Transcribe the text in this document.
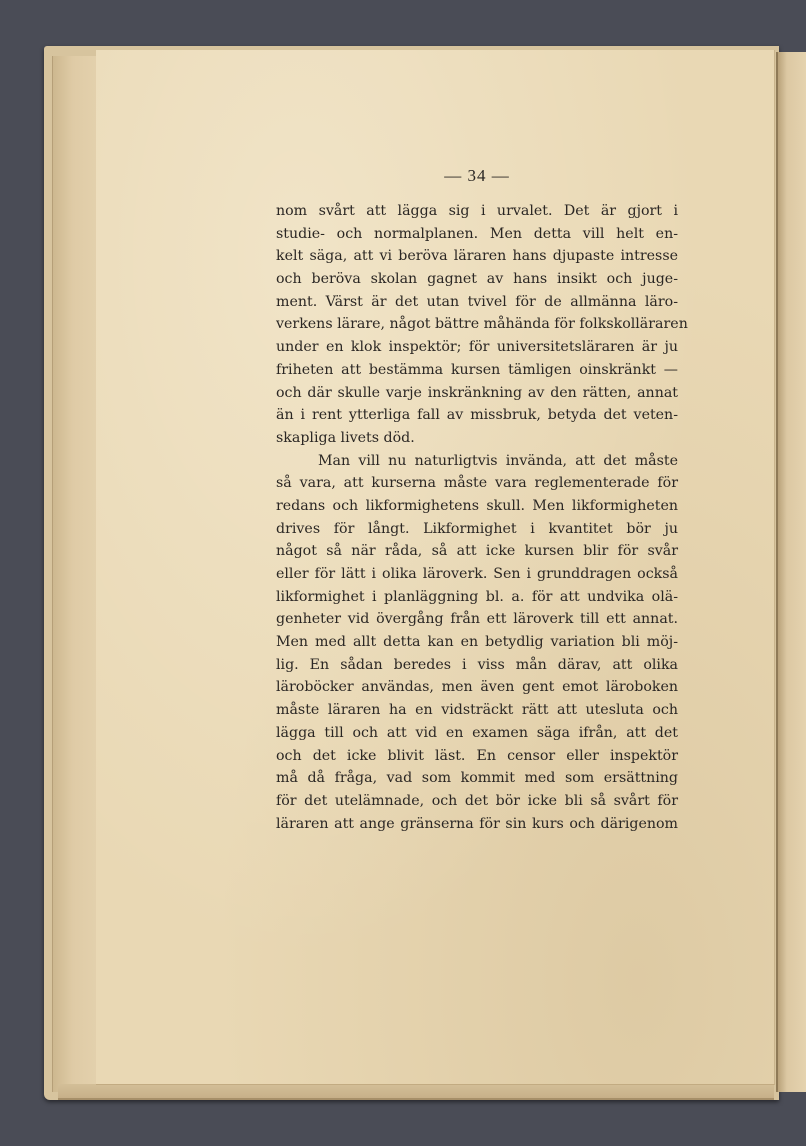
— 34 —
nom svårt att lägga sig i urvalet. Det är gjort i
studie- och normalplanen. Men detta vill helt en-
kelt säga, att vi beröva läraren hans djupaste intresse
och beröva skolan gagnet av hans insikt och juge-
ment. Värst är det utan tvivel för de allmänna läro-
verkens lärare, något bättre måhända för folkskolläraren
under en klok inspektör; för universitetsläraren är ju
friheten att bestämma kursen tämligen oinskränkt —
och där skulle varje inskränkning av den rätten, annat
än i rent ytterliga fall av missbruk, betyda det veten-
skapliga livets död.
Man vill nu naturligtvis invända, att det måste
så vara, att kurserna måste vara reglementerade för
redans och likformighetens skull. Men likformigheten
drives för långt. Likformighet i kvantitet bör ju
något så när råda, så att icke kursen blir för svår
eller för lätt i olika läroverk. Sen i grunddragen också
likformighet i planläggning bl. a. för att undvika olä-
genheter vid övergång från ett läroverk till ett annat.
Men med allt detta kan en betydlig variation bli möj-
lig. En sådan beredes i viss mån därav, att olika
läroböcker användas, men även gent emot läroboken
måste läraren ha en vidsträckt rätt att utesluta och
lägga till och att vid en examen säga ifrån, att det
och det icke blivit läst. En censor eller inspektör
må då fråga, vad som kommit med som ersättning
för det utelämnade, och det bör icke bli så svårt för
läraren att ange gränserna för sin kurs och därigenom
